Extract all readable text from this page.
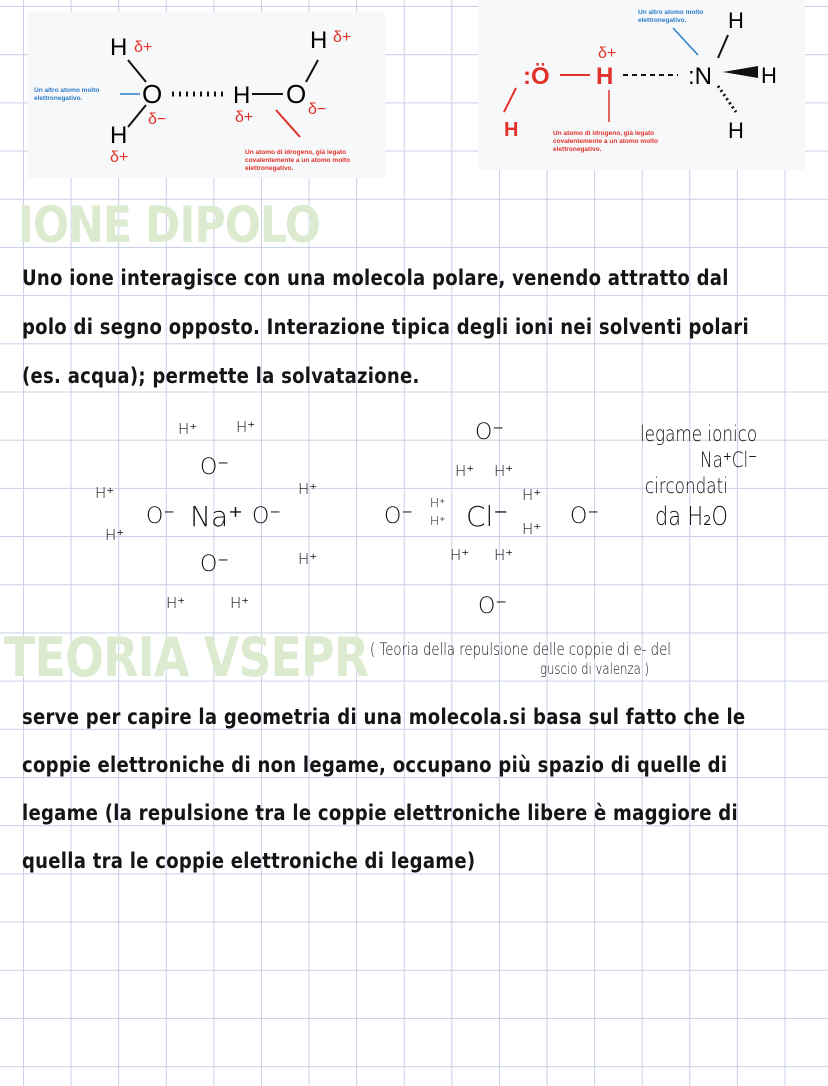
H δ+
O
δ−
H
δ+
H
δ+
O
δ−
H δ+
Un altro atomo molto
elettronegativo.
Un atomo di idrogeno, già legato
covalentemente a un atomo molto
elettronegativo.
:Ö H
δ+
H
:N
H
H
H
Un altro atomo molto
elettronegativo.
Un atomo di idrogeno, già legato
covalentemente a un atomo molto
elettronegativo.
IONE DIPOLO
Uno ione interagisce con una molecola polare, venendo attratto dal
polo di segno opposto. Interazione tipica degli ioni nei solventi polari
(es. acqua); permette la solvatazione.
H⁺	H⁺
O⁻
H⁺
H⁺
O⁻ Na⁺ O⁻
H⁺
H⁺
O⁻
H⁺	H⁺
O⁻
H⁺ H⁺
O⁻
H⁺
H⁺ Cl⁻
H⁺
H⁺ O⁻
H⁺ H⁺
O⁻
legame ionico
Na⁺Cl⁻
circondati
da H₂O
TEORIA VSEPR ( Teoria della repulsione delle coppie di e- del
guscio di valenza )
serve per capire la geometria di una molecola.si basa sul fatto che le
coppie elettroniche di non legame, occupano più spazio di quelle di
legame (la repulsione tra le coppie elettroniche libere è maggiore di
quella tra le coppie elettroniche di legame)
